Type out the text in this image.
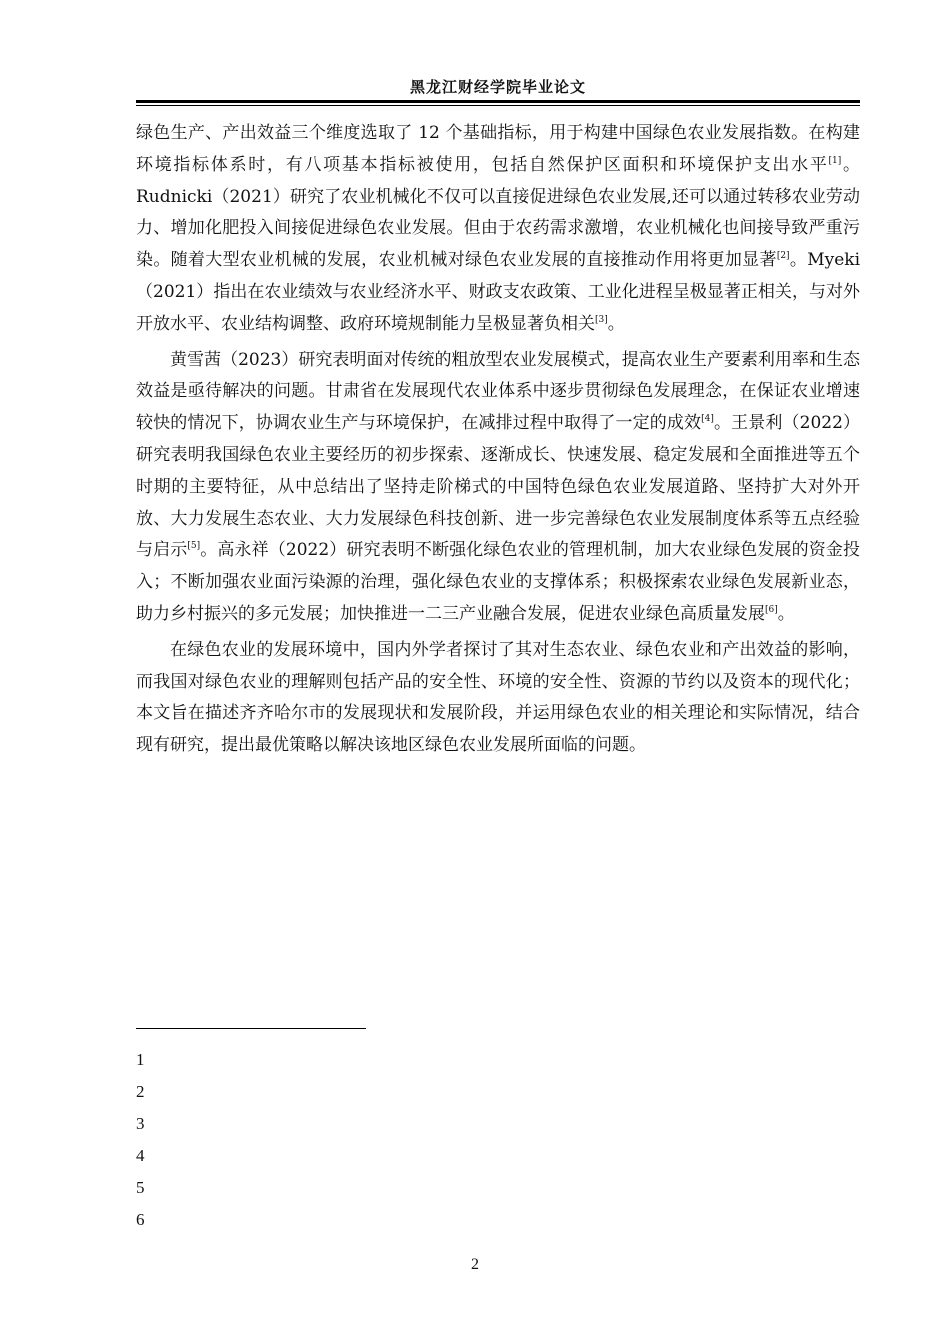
黑龙江财经学院毕业论文

绿色生产、产出效益三个维度选取了 12 个基础指标，用于构建中国绿色农业发展指数。在构建环境指标体系时，有八项基本指标被使用，包括自然保护区面积和环境保护支出水平[1]。Rudnicki（2021）研究了农业机械化不仅可以直接促进绿色农业发展,还可以通过转移农业劳动力、增加化肥投入间接促进绿色农业发展。但由于农药需求激增，农业机械化也间接导致严重污染。随着大型农业机械的发展，农业机械对绿色农业发展的直接推动作用将更加显著[2]。Myeki（2021）指出在农业绩效与农业经济水平、财政支农政策、工业化进程呈极显著正相关，与对外开放水平、农业结构调整、政府环境规制能力呈极显著负相关[3]。

黄雪茜（2023）研究表明面对传统的粗放型农业发展模式，提高农业生产要素利用率和生态效益是亟待解决的问题。甘肃省在发展现代农业体系中逐步贯彻绿色发展理念，在保证农业增速较快的情况下，协调农业生产与环境保护，在减排过程中取得了一定的成效[4]。王景利（2022）研究表明我国绿色农业主要经历的初步探索、逐渐成长、快速发展、稳定发展和全面推进等五个时期的主要特征，从中总结出了坚持走阶梯式的中国特色绿色农业发展道路、坚持扩大对外开放、大力发展生态农业、大力发展绿色科技创新、进一步完善绿色农业发展制度体系等五点经验与启示[5]。高永祥（2022）研究表明不断强化绿色农业的管理机制，加大农业绿色发展的资金投入；不断加强农业面污染源的治理，强化绿色农业的支撑体系；积极探索农业绿色发展新业态，助力乡村振兴的多元发展；加快推进一二三产业融合发展，促进农业绿色高质量发展[6]。

在绿色农业的发展环境中，国内外学者探讨了其对生态农业、绿色农业和产出效益的影响，而我国对绿色农业的理解则包括产品的安全性、环境的安全性、资源的节约以及资本的现代化；本文旨在描述齐齐哈尔市的发展现状和发展阶段，并运用绿色农业的相关理论和实际情况，结合现有研究，提出最优策略以解决该地区绿色农业发展所面临的问题。

1
2
3
4
5
6
2
